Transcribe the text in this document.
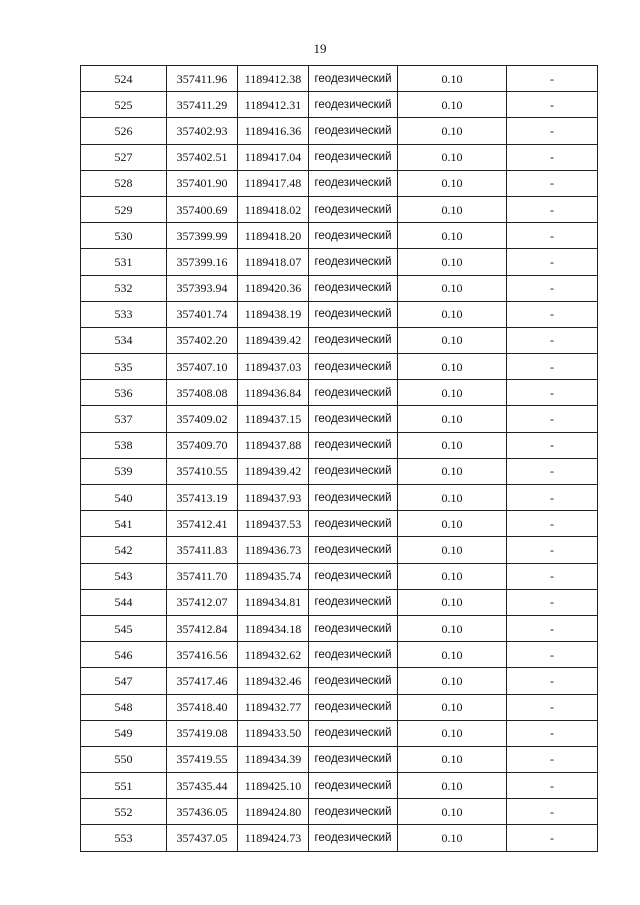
19
524	357411.96	1189412.38	геодезический	0.10	-
525	357411.29	1189412.31	геодезический	0.10	-
526	357402.93	1189416.36	геодезический	0.10	-
527	357402.51	1189417.04	геодезический	0.10	-
528	357401.90	1189417.48	геодезический	0.10	-
529	357400.69	1189418.02	геодезический	0.10	-
530	357399.99	1189418.20	геодезический	0.10	-
531	357399.16	1189418.07	геодезический	0.10	-
532	357393.94	1189420.36	геодезический	0.10	-
533	357401.74	1189438.19	геодезический	0.10	-
534	357402.20	1189439.42	геодезический	0.10	-
535	357407.10	1189437.03	геодезический	0.10	-
536	357408.08	1189436.84	геодезический	0.10	-
537	357409.02	1189437.15	геодезический	0.10	-
538	357409.70	1189437.88	геодезический	0.10	-
539	357410.55	1189439.42	геодезический	0.10	-
540	357413.19	1189437.93	геодезический	0.10	-
541	357412.41	1189437.53	геодезический	0.10	-
542	357411.83	1189436.73	геодезический	0.10	-
543	357411.70	1189435.74	геодезический	0.10	-
544	357412.07	1189434.81	геодезический	0.10	-
545	357412.84	1189434.18	геодезический	0.10	-
546	357416.56	1189432.62	геодезический	0.10	-
547	357417.46	1189432.46	геодезический	0.10	-
548	357418.40	1189432.77	геодезический	0.10	-
549	357419.08	1189433.50	геодезический	0.10	-
550	357419.55	1189434.39	геодезический	0.10	-
551	357435.44	1189425.10	геодезический	0.10	-
552	357436.05	1189424.80	геодезический	0.10	-
553	357437.05	1189424.73	геодезический	0.10	-
